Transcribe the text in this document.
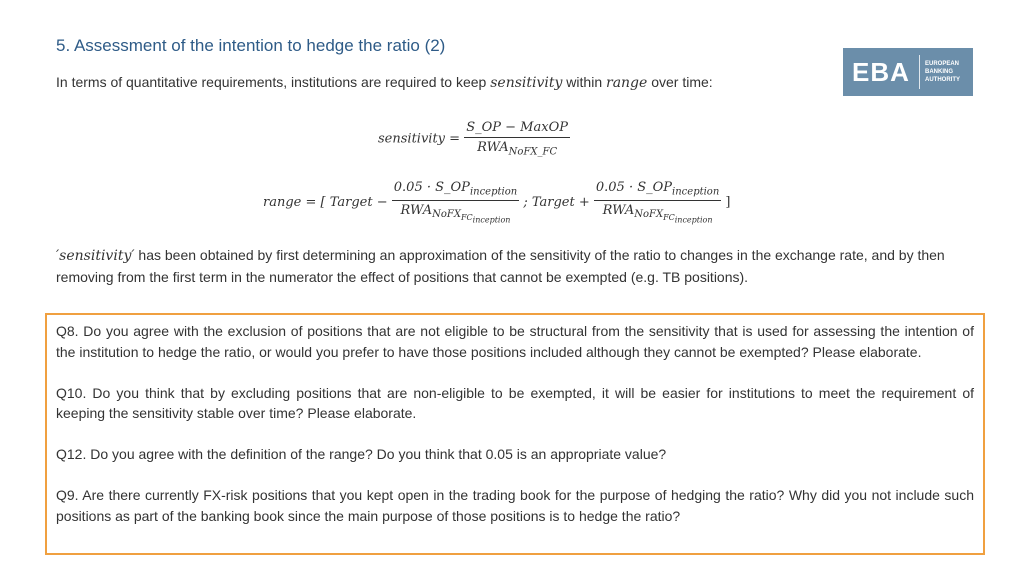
5. Assessment of the intention to hedge the ratio (2)
EBA	EUROPEAN
BANKING
AUTHORITY
In terms of quantitative requirements, institutions are required to keep sensitivity within range over time:
sensitivity = $\frac{\text{S\_OP − MaxOP}}{RWA_{NoFX\_FC}}$
range = [ Target − $\frac{0.05 \cdot S\_OP_{inception}}{RWA_{NoFX_{FC_{inception}}}}$ ; Target + $\frac{0.05 \cdot S\_OP_{inception}}{RWA_{NoFX_{FC_{inception}}}}$ ]
′sensitivity′ has been obtained by first determining an approximation of the sensitivity of the ratio to changes in the exchange rate, and by then removing from the first term in the numerator the effect of positions that cannot be exempted (e.g. TB positions).

Q8. Do you agree with the exclusion of positions that are not eligible to be structural from the sensitivity that is used for assessing the intention of the institution to hedge the ratio, or would you prefer to have those positions included although they cannot be exempted? Please elaborate.

Q10. Do you think that by excluding positions that are non-eligible to be exempted, it will be easier for institutions to meet the requirement of keeping the sensitivity stable over time? Please elaborate.

Q12. Do you agree with the definition of the range? Do you think that 0.05 is an appropriate value?

Q9. Are there currently FX-risk positions that you kept open in the trading book for the purpose of hedging the ratio? Why did you not include such positions as part of the banking book since the main purpose of those positions is to hedge the ratio?
